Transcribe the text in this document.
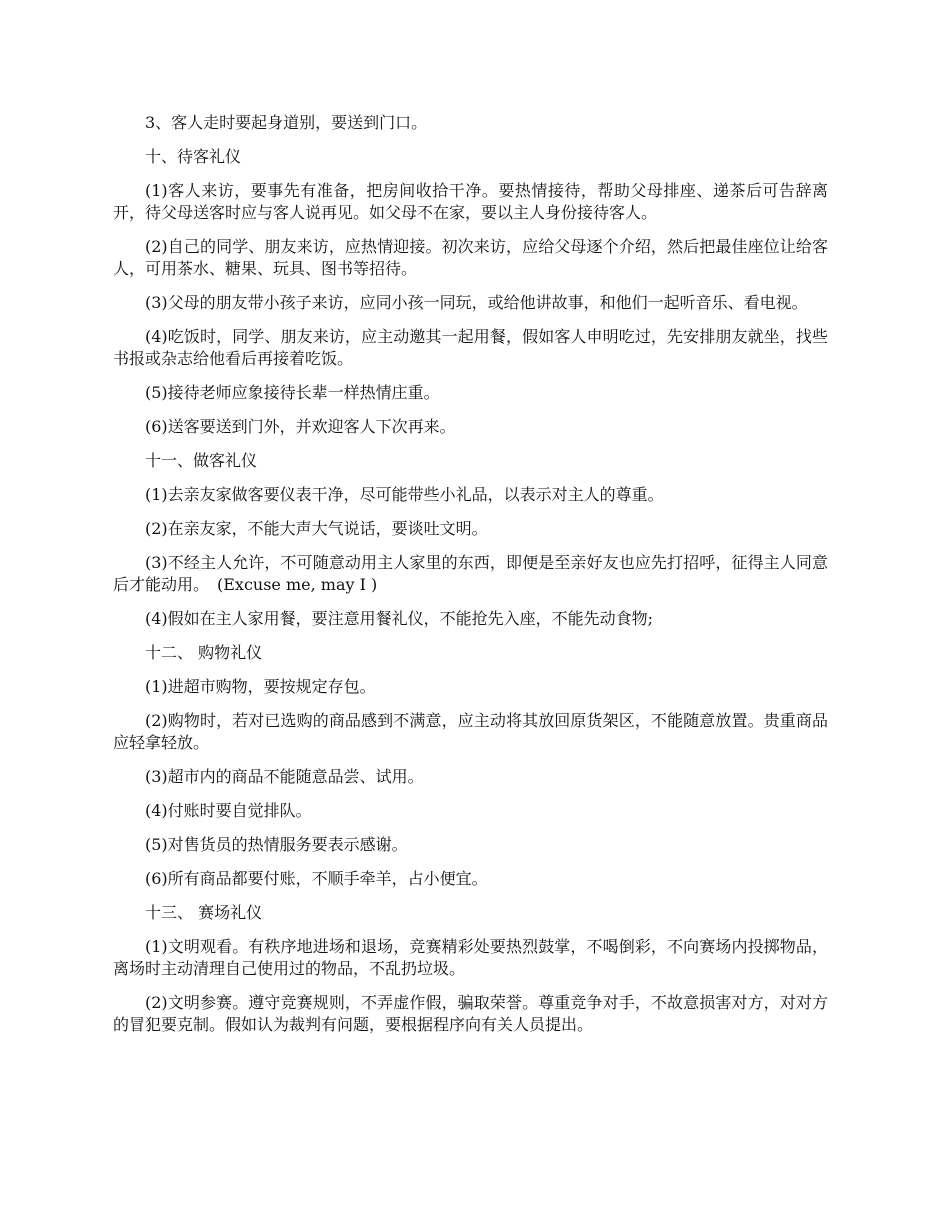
3、客人走时要起身道别，要送到门口。

十、待客礼仪

(1)客人来访，要事先有准备，把房间收拾干净。要热情接待，帮助父母排座、递茶后可告辞离开，待父母送客时应与客人说再见。如父母不在家，要以主人身份接待客人。

(2)自己的同学、朋友来访，应热情迎接。初次来访，应给父母逐个介绍，然后把最佳座位让给客人，可用茶水、糖果、玩具、图书等招待。

(3)父母的朋友带小孩子来访，应同小孩一同玩，或给他讲故事，和他们一起听音乐、看电视。

(4)吃饭时，同学、朋友来访，应主动邀其一起用餐，假如客人申明吃过，先安排朋友就坐，找些书报或杂志给他看后再接着吃饭。

(5)接待老师应象接待长辈一样热情庄重。

(6)送客要送到门外，并欢迎客人下次再来。

十一、做客礼仪

(1)去亲友家做客要仪表干净，尽可能带些小礼品，以表示对主人的尊重。

(2)在亲友家，不能大声大气说话，要谈吐文明。

(3)不经主人允许，不可随意动用主人家里的东西，即便是至亲好友也应先打招呼，征得主人同意后才能动用。　(Excuse me, may I )

(4)假如在主人家用餐，要注意用餐礼仪，不能抢先入座，不能先动食物;

十二、 购物礼仪

(1)进超市购物，要按规定存包。

(2)购物时，若对已选购的商品感到不满意，应主动将其放回原货架区，不能随意放置。贵重商品应轻拿轻放。

(3)超市内的商品不能随意品尝、试用。

(4)付账时要自觉排队。

(5)对售货员的热情服务要表示感谢。

(6)所有商品都要付账，不顺手牵羊，占小便宜。

十三、 赛场礼仪

(1)文明观看。有秩序地进场和退场，竞赛精彩处要热烈鼓掌，不喝倒彩，不向赛场内投掷物品，离场时主动清理自己使用过的物品，不乱扔垃圾。

(2)文明参赛。遵守竞赛规则，不弄虚作假，骗取荣誉。尊重竞争对手，不故意损害对方，对对方的冒犯要克制。假如认为裁判有问题，要根据程序向有关人员提出。
